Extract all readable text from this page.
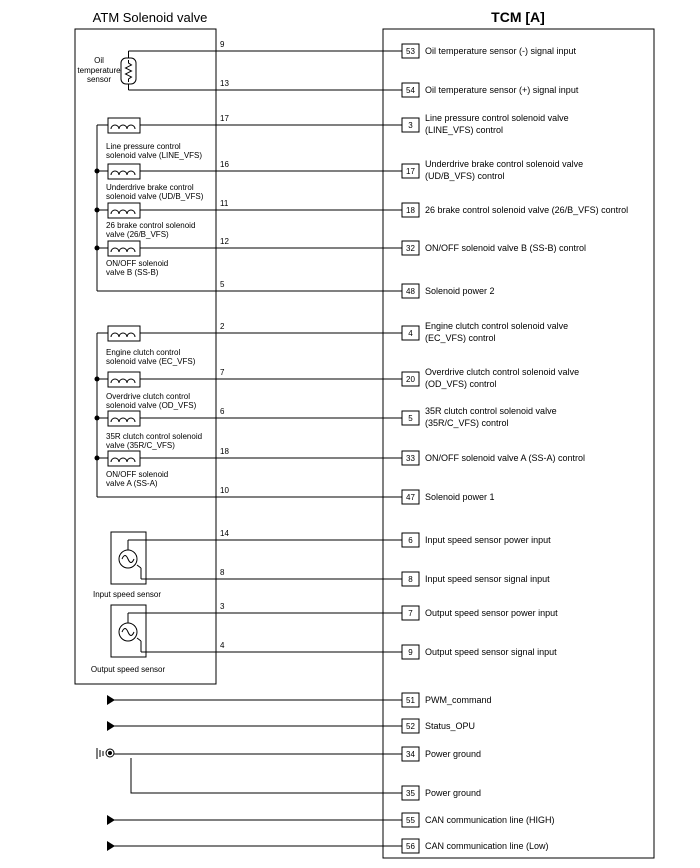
ATM Solenoid valve	TCM [A]
Oil
temperature
sensor
Line pressure control
solenoid valve (LINE_VFS)
Underdrive brake control
solenoid valve (UD/B_VFS)
26 brake control solenoid
valve (26/B_VFS)
ON/OFF solenoid
valve B (SS-B)
Engine clutch control
solenoid valve (EC_VFS)
Overdrive clutch control
solenoid valve (OD_VFS)
35R clutch control solenoid
valve (35R/C_VFS)
ON/OFF solenoid
valve A (SS-A)
Input speed sensor
Output speed sensor
9
53 Oil temperature sensor (-) signal input
13
54 Oil temperature sensor (+) signal input
17
3
Line pressure control solenoid valve
(LINE_VFS) control
16
17
Underdrive brake control solenoid valve
(UD/B_VFS) control
11
18 26 brake control solenoid valve (26/B_VFS) control
12
32 ON/OFF solenoid valve B (SS-B) control
5
48 Solenoid power 2
2
4
Engine clutch control solenoid valve
(EC_VFS) control
7
20
Overdrive clutch control solenoid valve
(OD_VFS) control
6
5
35R clutch control solenoid valve
(35R/C_VFS) control
18
33 ON/OFF solenoid valve A (SS-A) control
10
47 Solenoid power 1
14
6 Input speed sensor power input
8
8 Input speed sensor signal input
3
7 Output speed sensor power input
4
9 Output speed sensor signal input
51 PWM_command
52 Status_OPU
34 Power ground
35 Power ground
55 CAN communication line (HIGH)
56 CAN communication line (Low)
